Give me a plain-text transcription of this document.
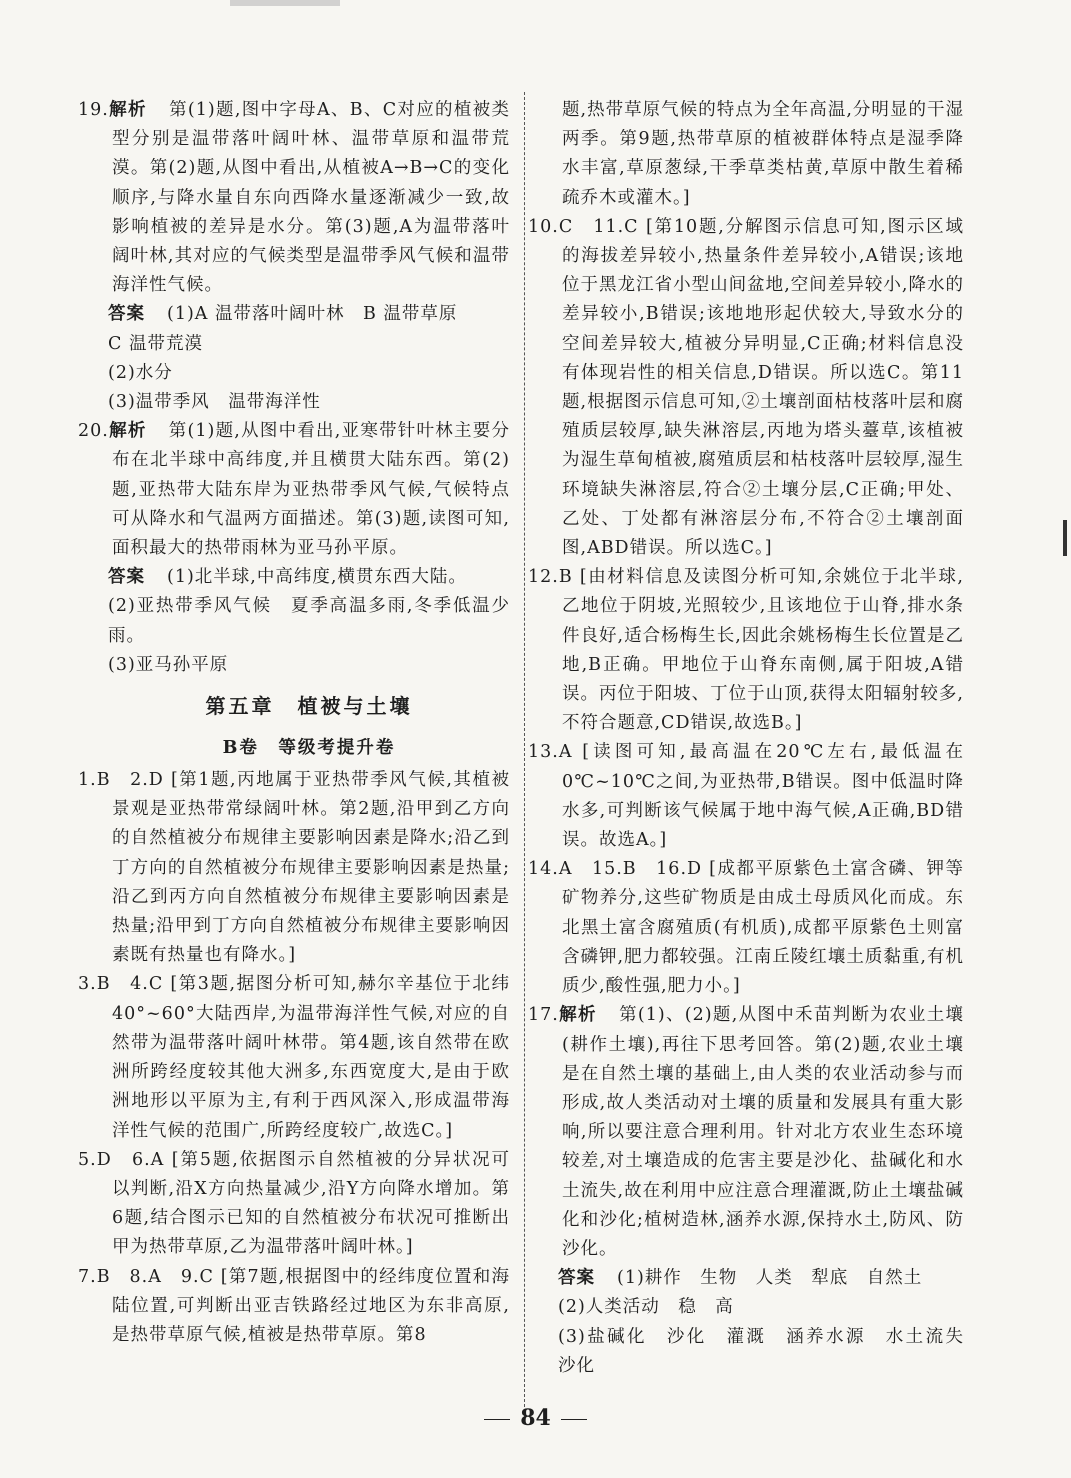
19.解析 第(1)题,图中字母A、B、C对应的植被类型分别是温带落叶阔叶林、温带草原和温带荒漠。第(2)题,从图中看出,从植被A→B→C的变化顺序,与降水量自东向西降水量逐渐减少一致,故影响植被的差异是水分。第(3)题,A为温带落叶阔叶林,其对应的气候类型是温带季风气候和温带海洋性气候。
答案 (1)A 温带落叶阔叶林　B 温带草原
C 温带荒漠
(2)水分
(3)温带季风　温带海洋性
20.解析 第(1)题,从图中看出,亚寒带针叶林主要分布在北半球中高纬度,并且横贯大陆东西。第(2)题,亚热带大陆东岸为亚热带季风气候,气候特点可从降水和气温两方面描述。第(3)题,读图可知,面积最大的热带雨林为亚马孙平原。
答案 (1)北半球,中高纬度,横贯东西大陆。
(2)亚热带季风气候　夏季高温多雨,冬季低温少雨。
(3)亚马孙平原
第五章　植被与土壤
B卷　等级考提升卷
1.B　2.D [第1题,丙地属于亚热带季风气候,其植被景观是亚热带常绿阔叶林。第2题,沿甲到乙方向的自然植被分布规律主要影响因素是降水;沿乙到丁方向的自然植被分布规律主要影响因素是热量;沿乙到丙方向自然植被分布规律主要影响因素是热量;沿甲到丁方向自然植被分布规律主要影响因素既有热量也有降水。]
3.B　4.C [第3题,据图分析可知,赫尔辛基位于北纬40°~60°大陆西岸,为温带海洋性气候,对应的自然带为温带落叶阔叶林带。第4题,该自然带在欧洲所跨经度较其他大洲多,东西宽度大,是由于欧洲地形以平原为主,有利于西风深入,形成温带海洋性气候的范围广,所跨经度较广,故选C。]
5.D　6.A [第5题,依据图示自然植被的分异状况可以判断,沿X方向热量减少,沿Y方向降水增加。第6题,结合图示已知的自然植被分布状况可推断出甲为热带草原,乙为温带落叶阔叶林。]
7.B　8.A　9.C [第7题,根据图中的经纬度位置和海陆位置,可判断出亚吉铁路经过地区为东非高原,是热带草原气候,植被是热带草原。第8
题,热带草原气候的特点为全年高温,分明显的干湿两季。第9题,热带草原的植被群体特点是湿季降水丰富,草原葱绿,干季草类枯黄,草原中散生着稀疏乔木或灌木。]
10.C　11.C [第10题,分解图示信息可知,图示区域的海拔差异较小,热量条件差异较小,A错误;该地位于黑龙江省小型山间盆地,空间差异较小,降水的差异较小,B错误;该地地形起伏较大,导致水分的空间差异较大,植被分异明显,C正确;材料信息没有体现岩性的相关信息,D错误。所以选C。第11题,根据图示信息可知,②土壤剖面枯枝落叶层和腐殖质层较厚,缺失淋溶层,丙地为塔头薹草,该植被为湿生草甸植被,腐殖质层和枯枝落叶层较厚,湿生环境缺失淋溶层,符合②土壤分层,C正确;甲处、乙处、丁处都有淋溶层分布,不符合②土壤剖面图,ABD错误。所以选C。]
12.B [由材料信息及读图分析可知,余姚位于北半球,乙地位于阴坡,光照较少,且该地位于山脊,排水条件良好,适合杨梅生长,因此余姚杨梅生长位置是乙地,B正确。甲地位于山脊东南侧,属于阳坡,A错误。丙位于阳坡、丁位于山顶,获得太阳辐射较多,不符合题意,CD错误,故选B。]
13.A [读图可知,最高温在20℃左右,最低温在0℃~10℃之间,为亚热带,B错误。图中低温时降水多,可判断该气候属于地中海气候,A正确,BD错误。故选A。]
14.A　15.B　16.D [成都平原紫色土富含磷、钾等矿物养分,这些矿物质是由成土母质风化而成。东北黑土富含腐殖质(有机质),成都平原紫色土则富含磷钾,肥力都较强。江南丘陵红壤土质黏重,有机质少,酸性强,肥力小。]
17.解析 第(1)、(2)题,从图中禾苗判断为农业土壤(耕作土壤),再往下思考回答。第(2)题,农业土壤是在自然土壤的基础上,由人类的农业活动参与而形成,故人类活动对土壤的质量和发展具有重大影响,所以要注意合理利用。针对北方农业生态环境较差,对土壤造成的危害主要是沙化、盐碱化和水土流失,故在利用中应注意合理灌溉,防止土壤盐碱化和沙化;植树造林,涵养水源,保持水土,防风、防沙化。
答案 (1)耕作　生物　人类　犁底　自然土
(2)人类活动　稳　高
(3)盐碱化　沙化　灌溉　涵养水源　水土流失　沙化
84
